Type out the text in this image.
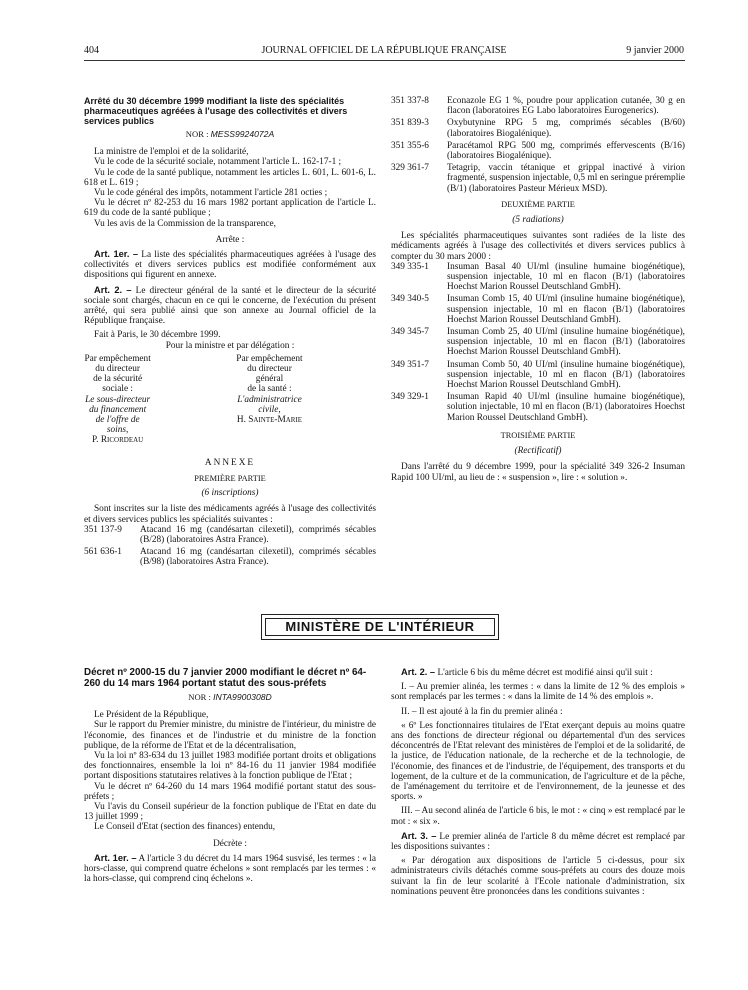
404	JOURNAL OFFICIEL DE LA RÉPUBLIQUE FRANÇAISE	9 janvier 2000
Arrêté du 30 décembre 1999 modifiant la liste des spécialités pharmaceutiques agréées à l'usage des collectivités et divers services publics
NOR : MESS9924072A

La ministre de l'emploi et de la solidarité,

Vu le code de la sécurité sociale, notamment l'article L. 162-17-1 ;

Vu le code de la santé publique, notamment les articles L. 601, L. 601-6, L. 618 et L. 619 ;

Vu le code général des impôts, notamment l'article 281 octies ;

Vu le décret nº 82-253 du 16 mars 1982 portant application de l'article L. 619 du code de la santé publique ;

Vu les avis de la Commission de la transparence,

Arrête :

Art. 1er. – La liste des spécialités pharmaceutiques agréées à l'usage des collectivités et divers services publics est modifiée conformément aux dispositions qui figurent en annexe.

Art. 2. – Le directeur général de la santé et le directeur de la sécurité sociale sont chargés, chacun en ce qui le concerne, de l'exécution du présent arrêté, qui sera publié ainsi que son annexe au Journal officiel de la République française.

Fait à Paris, le 30 décembre 1999.

Pour la ministre et par délégation :

Par empêchement du directeur
de la sécurité sociale :
Le sous-directeur du financement
de l'offre de soins,
P. Ricordeau
Par empêchement
du directeur général
de la santé :
L'administratrice civile,
H. Sainte-Marie

ANNEXE

PREMIÈRE PARTIE

(6 inscriptions)

Sont inscrites sur la liste des médicaments agréés à l'usage des collectivités et divers services publics les spécialités suivantes :

351 137-9	Atacand 16 mg (candésartan cilexetil), comprimés sécables (B/28) (laboratoires Astra France).
561 636-1	Atacand 16 mg (candésartan cilexetil), comprimés sécables (B/98) (laboratoires Astra France).
351 337-8	Econazole EG 1 %, poudre pour application cutanée, 30 g en flacon (laboratoires EG Labo laboratoires Eurogenerics).
351 839-3	Oxybutynine RPG 5 mg, comprimés sécables (B/60) (laboratoires Biogalénique).
351 355-6	Paracétamol RPG 500 mg, comprimés effervescents (B/16) (laboratoires Biogalénique).
329 361-7	Tetagrip, vaccin tétanique et grippal inactivé à virion fragmenté, suspension injectable, 0,5 ml en seringue préremplie (B/1) (laboratoires Pasteur Mérieux MSD).

DEUXIÈME PARTIE

(5 radiations)

Les spécialités pharmaceutiques suivantes sont radiées de la liste des médicaments agréés à l'usage des collectivités et divers services publics à compter du 30 mars 2000 :

349 335-1	Insuman Basal 40 UI/ml (insuline humaine biogénétique), suspension injectable, 10 ml en flacon (B/1) (laboratoires Hoechst Marion Roussel Deutschland GmbH).
349 340-5	Insuman Comb 15, 40 UI/ml (insuline humaine biogénétique), suspension injectable, 10 ml en flacon (B/1) (laboratoires Hoechst Marion Roussel Deutschland GmbH).
349 345-7	Insuman Comb 25, 40 UI/ml (insuline humaine biogénétique), suspension injectable, 10 ml en flacon (B/1) (laboratoires Hoechst Marion Roussel Deutschland GmbH).
349 351-7	Insuman Comb 50, 40 UI/ml (insuline humaine biogénétique), suspension injectable, 10 ml en flacon (B/1) (laboratoires Hoechst Marion Roussel Deutschland GmbH).
349 329-1	Insuman Rapid 40 UI/ml (insuline humaine biogénétique), solution injectable, 10 ml en flacon (B/1) (laboratoires Hoechst Marion Roussel Deutschland GmbH).

TROISIÈME PARTIE

(Rectificatif)

Dans l'arrêté du 9 décembre 1999, pour la spécialité 349 326-2 Insuman Rapid 100 UI/ml, au lieu de : « suspension », lire : « solution ».

MINISTÈRE DE L'INTÉRIEUR
Décret nº 2000-15 du 7 janvier 2000 modifiant le décret nº 64-260 du 14 mars 1964 portant statut des sous-préfets
NOR : INTA9900308D

Le Président de la République,

Sur le rapport du Premier ministre, du ministre de l'intérieur, du ministre de l'économie, des finances et de l'industrie et du ministre de la fonction publique, de la réforme de l'Etat et de la décentralisation,

Vu la loi nº 83-634 du 13 juillet 1983 modifiée portant droits et obligations des fonctionnaires, ensemble la loi nº 84-16 du 11 janvier 1984 modifiée portant dispositions statutaires relatives à la fonction publique de l'Etat ;

Vu le décret nº 64-260 du 14 mars 1964 modifié portant statut des sous-préfets ;

Vu l'avis du Conseil supérieur de la fonction publique de l'Etat en date du 13 juillet 1999 ;

Le Conseil d'Etat (section des finances) entendu,

Décrète :

Art. 1er. – A l'article 3 du décret du 14 mars 1964 susvisé, les termes : « la hors-classe, qui comprend quatre échelons » sont remplacés par les termes : « la hors-classe, qui comprend cinq échelons ».

Art. 2. – L'article 6 bis du même décret est modifié ainsi qu'il suit :

I. – Au premier alinéa, les termes : « dans la limite de 12 % des emplois » sont remplacés par les termes : « dans la limite de 14 % des emplois ».

II. – Il est ajouté à la fin du premier alinéa :

« 6º Les fonctionnaires titulaires de l'Etat exerçant depuis au moins quatre ans des fonctions de directeur régional ou départemental d'un des services déconcentrés de l'Etat relevant des ministères de l'emploi et de la solidarité, de la justice, de l'éducation nationale, de la recherche et de la technologie, de l'économie, des finances et de l'industrie, de l'équipement, des transports et du logement, de la culture et de la communication, de l'agriculture et de la pêche, de l'aménagement du territoire et de l'environnement, de la jeunesse et des sports. »

III. – Au second alinéa de l'article 6 bis, le mot : « cinq » est remplacé par le mot : « six ».

Art. 3. – Le premier alinéa de l'article 8 du même décret est remplacé par les dispositions suivantes :

« Par dérogation aux dispositions de l'article 5 ci-dessus, pour six administrateurs civils détachés comme sous-préfets au cours des douze mois suivant la fin de leur scolarité à l'Ecole nationale d'administration, six nominations peuvent être prononcées dans les conditions suivantes :
